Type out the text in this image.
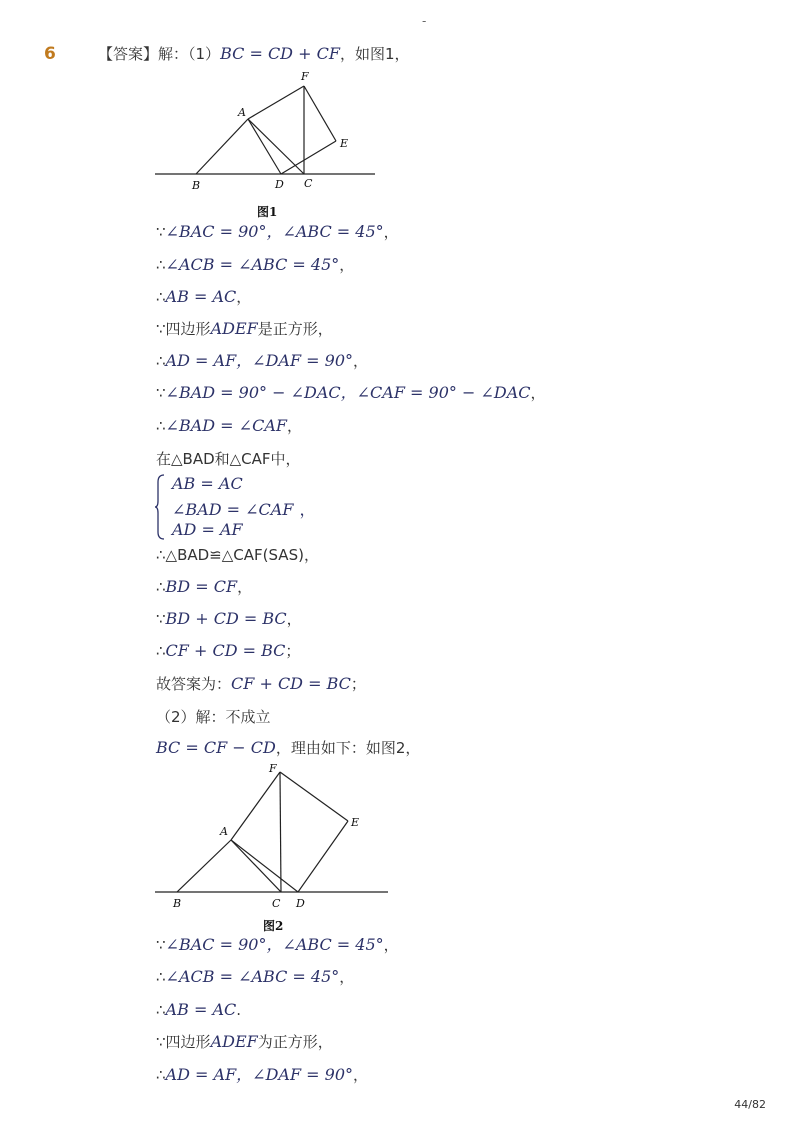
-
6	【答案】解：（1）BC = CD + CF，如图1，
F
A
E
B	D C
图1
∵∠BAC = 90°，∠ABC = 45°，
∴∠ACB = ∠ABC = 45°，
∴AB = AC，
∵四边形ADEF是正方形，
∴AD = AF，∠DAF = 90°，
∵∠BAD = 90° − ∠DAC，∠CAF = 90° − ∠DAC，
∴∠BAD = ∠CAF，
在△BAD和△CAF中，
AB = AC
∠BAD = ∠CAF ，
AD = AF
∴△BAD≌△CAF(SAS)，
∴BD = CF，
∵BD + CD = BC，
∴CF + CD = BC；
故答案为：CF + CD = BC；
（2）解：不成立
BC = CF − CD，理由如下：如图2，
F
A
E
B	C D
图2
∵∠BAC = 90°，∠ABC = 45°，
∴∠ACB = ∠ABC = 45°，
∴AB = AC.
∵四边形ADEF为正方形，
∴AD = AF，∠DAF = 90°，
44/82
